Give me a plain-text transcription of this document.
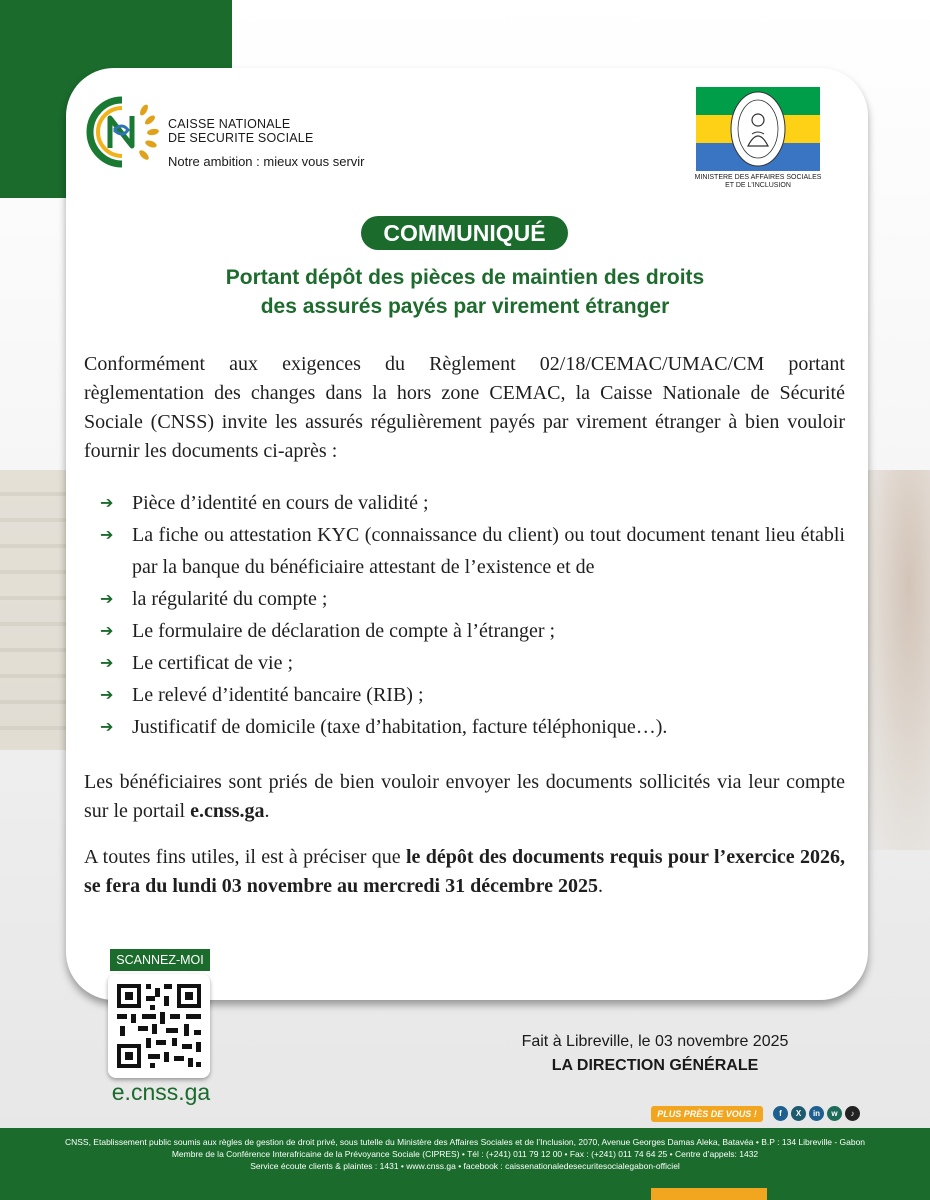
CAISSE NATIONALE
DE SECURITE SOCIALE
Notre ambition : mieux vous servir
MINISTERE DES AFFAIRES SOCIALES
ET DE L'INCLUSION
COMMUNIQUÉ
Portant dépôt des pièces de maintien des droits
des assurés payés par virement étranger
Conformément aux exigences du Règlement 02/18/CEMAC/UMAC/CM portant règlementation des changes dans la hors zone CEMAC, la Caisse Nationale de Sécurité Sociale (CNSS) invite les assurés régulièrement payés par virement étranger à bien vouloir fournir les documents ci-après :
➔ Pièce d’identité en cours de validité ;
➔ La fiche ou attestation KYC (connaissance du client) ou tout document tenant lieu établi par la banque du bénéficiaire attestant de l’existence et de
➔ la régularité du compte ;
➔ Le formulaire de déclaration de compte à l’étranger ;
➔ Le certificat de vie ;
➔ Le relevé d’identité bancaire (RIB) ;
➔ Justificatif de domicile (taxe d’habitation, facture téléphonique…).
Les bénéficiaires sont priés de bien vouloir envoyer les documents sollicités via leur compte sur le portail e.cnss.ga.
A toutes fins utiles, il est à préciser que le dépôt des documents requis pour l’exercice 2026, se fera du lundi 03 novembre au mercredi 31 décembre 2025.
SCANNEZ-MOI
e.cnss.ga
Fait à Libreville, le 03 novembre 2025
LA DIRECTION GÉNÉRALE
PLUS PRÈS DE VOUS !	f	X	in	w	♪
CNSS, Etablissement public soumis aux règles de gestion de droit privé, sous tutelle du Ministère des Affaires Sociales et de l’Inclusion, 2070, Avenue Georges Damas Aleka, Batavéa • B.P : 134 Libreville - Gabon
Membre de la Conférence Interafricaine de la Prévoyance Sociale (CIPRES) • Tél : (+241) 011 79 12 00 • Fax : (+241) 011 74 64 25 • Centre d’appels: 1432
Service écoute clients & plaintes : 1431 • www.cnss.ga • facebook : caissenationaledesecuritesocialegabon-officiel
